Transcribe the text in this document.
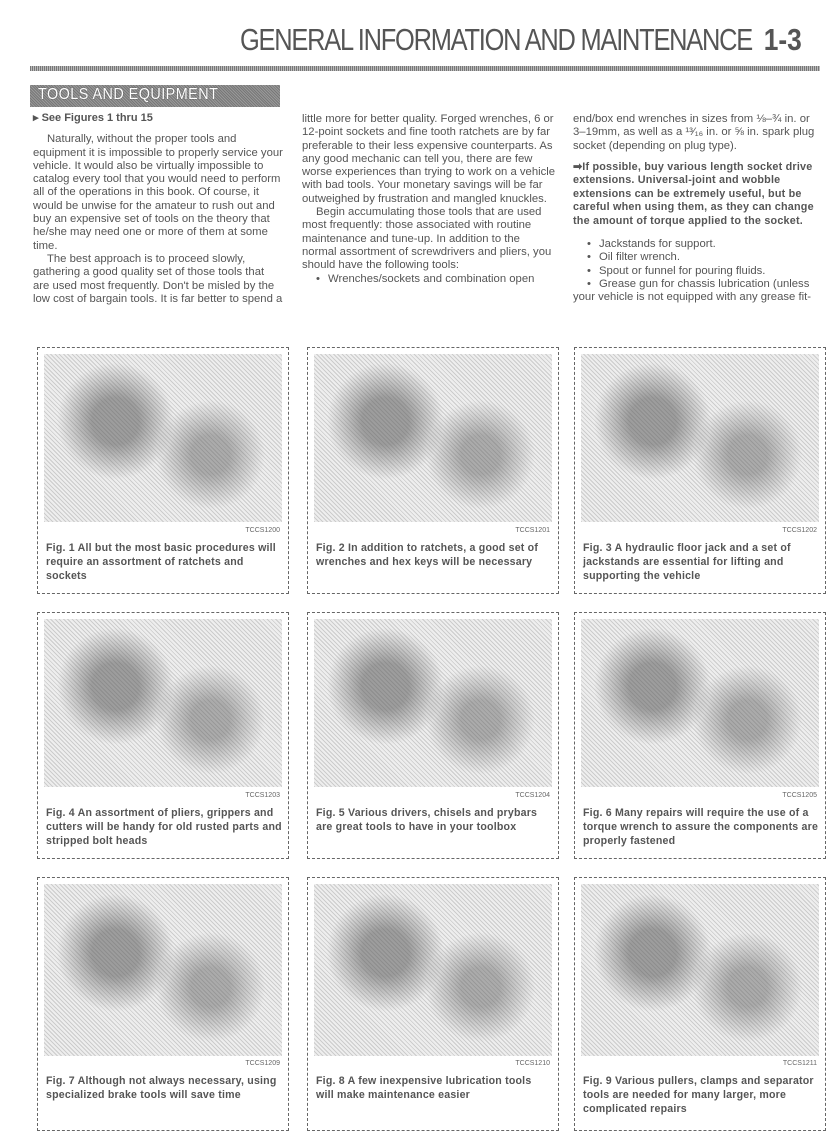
GENERAL INFORMATION AND MAINTENANCE 1-3
TOOLS AND EQUIPMENT

▸ See Figures 1 thru 15

Naturally, without the proper tools and equipment it is impossible to properly service your vehicle. It would also be virtually impossible to catalog every tool that you would need to perform all of the operations in this book. Of course, it would be unwise for the amateur to rush out and buy an expensive set of tools on the theory that he/she may need one or more of them at some time.

The best approach is to proceed slowly, gathering a good quality set of those tools that are used most frequently. Don't be misled by the low cost of bargain tools. It is far better to spend a

little more for better quality. Forged wrenches, 6 or 12-point sockets and fine tooth ratchets are by far preferable to their less expensive counterparts. As any good mechanic can tell you, there are few worse experiences than trying to work on a vehicle with bad tools. Your monetary savings will be far outweighed by frustration and mangled knuckles.

Begin accumulating those tools that are used most frequently: those associated with routine maintenance and tune-up. In addition to the normal assortment of screwdrivers and pliers, you should have the following tools:

• Wrenches/sockets and combination open

end/box end wrenches in sizes from ⅛–¾ in. or 3–19mm, as well as a ¹³⁄₁₆ in. or ⅝ in. spark plug socket (depending on plug type).

➡If possible, buy various length socket drive extensions. Universal-joint and wobble extensions can be extremely useful, but be careful when using them, as they can change the amount of torque applied to the socket.

• Jackstands for support.
• Oil filter wrench.
• Spout or funnel for pouring fluids.
• Grease gun for chassis lubrication (unless

your vehicle is not equipped with any grease fit-

TCCS1200
Fig. 1 All but the most basic procedures will require an assortment of ratchets and sockets
TCCS1201
Fig. 2 In addition to ratchets, a good set of wrenches and hex keys will be necessary
TCCS1202
Fig. 3 A hydraulic floor jack and a set of jackstands are essential for lifting and supporting the vehicle
TCCS1203
Fig. 4 An assortment of pliers, grippers and cutters will be handy for old rusted parts and stripped bolt heads
TCCS1204
Fig. 5 Various drivers, chisels and prybars are great tools to have in your toolbox
TCCS1205
Fig. 6 Many repairs will require the use of a torque wrench to assure the components are properly fastened
TCCS1209
Fig. 7 Although not always necessary, using specialized brake tools will save time
TCCS1210
Fig. 8 A few inexpensive lubrication tools will make maintenance easier
TCCS1211
Fig. 9 Various pullers, clamps and separator tools are needed for many larger, more complicated repairs
